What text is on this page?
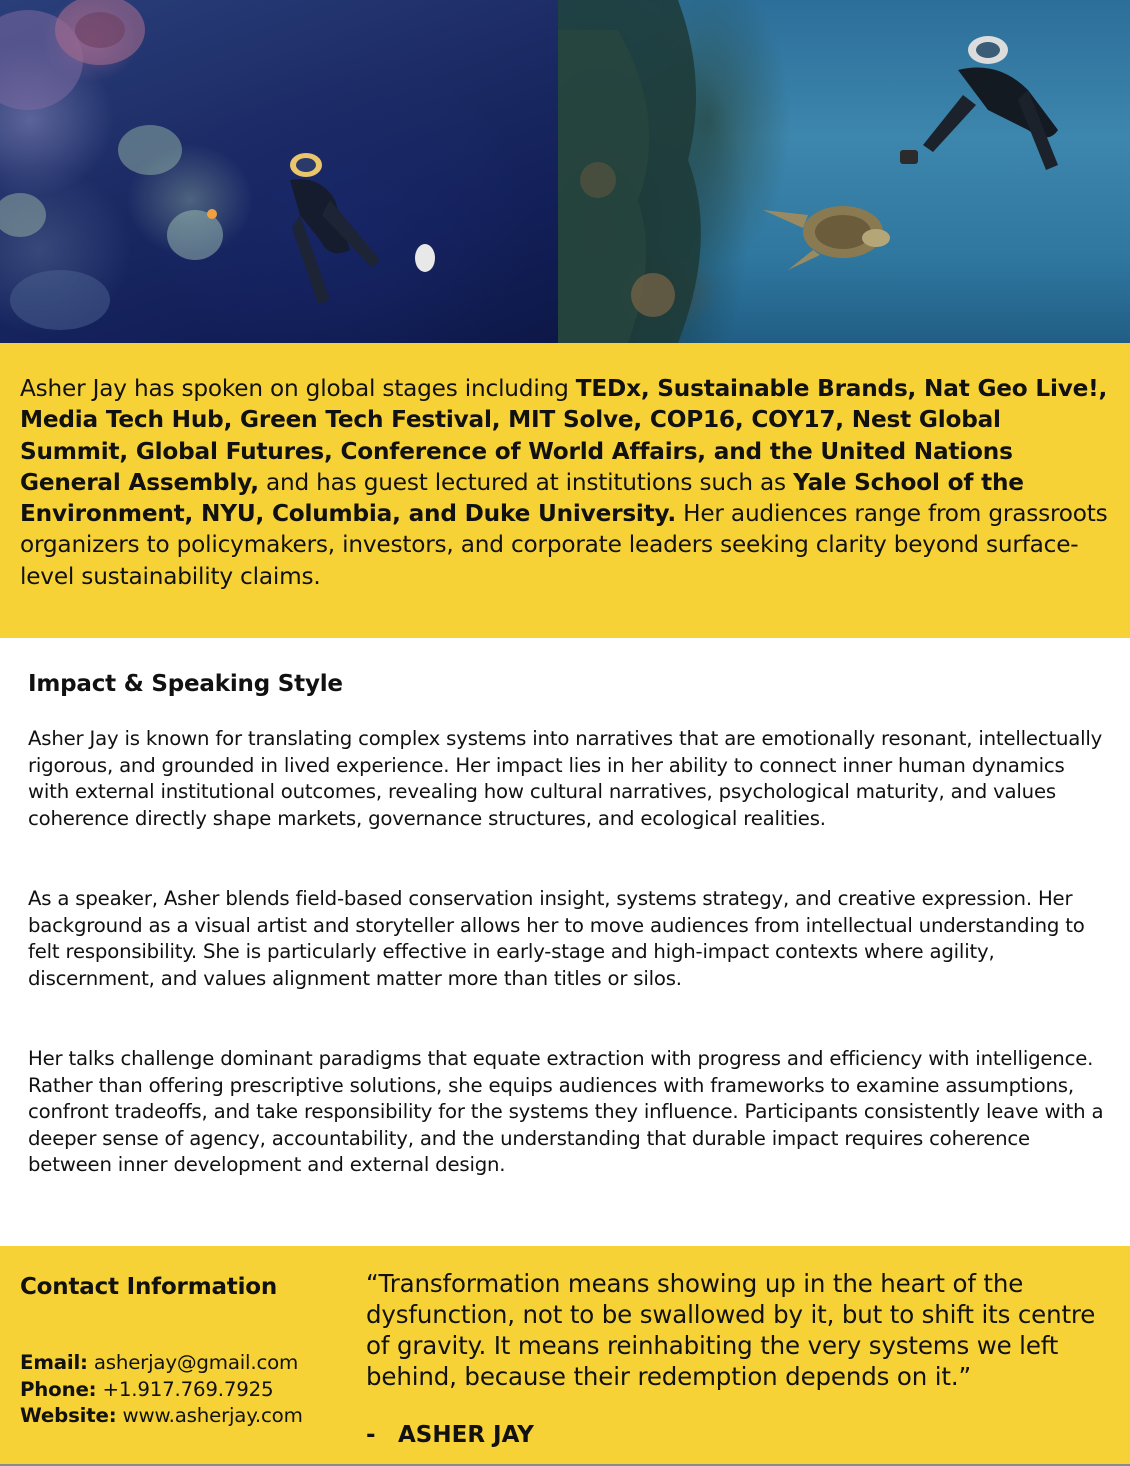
Asher Jay has spoken on global stages including TEDx, Sustainable Brands, Nat Geo Live!, Media Tech Hub, Green Tech Festival, MIT Solve, COP16, COY17, Nest Global Summit, Global Futures, Conference of World Affairs, and the United Nations General Assembly, and has guest lectured at institutions such as Yale School of the Environment, NYU, Columbia, and Duke University. Her audiences range from grassroots organizers to policymakers, investors, and corporate leaders seeking clarity beyond surface-level sustainability claims.

Impact & Speaking Style

Asher Jay is known for translating complex systems into narratives that are emotionally resonant, intellectually rigorous, and grounded in lived experience. Her impact lies in her ability to connect inner human dynamics with external institutional outcomes, revealing how cultural narratives, psychological maturity, and values coherence directly shape markets, governance structures, and ecological realities.

As a speaker, Asher blends field-based conservation insight, systems strategy, and creative expression. Her background as a visual artist and storyteller allows her to move audiences from intellectual understanding to felt responsibility. She is particularly effective in early-stage and high-impact contexts where agility, discernment, and values alignment matter more than titles or silos.

Her talks challenge dominant paradigms that equate extraction with progress and efficiency with intelligence. Rather than offering prescriptive solutions, she equips audiences with frameworks to examine assumptions, confront tradeoffs, and take responsibility for the systems they influence. Participants consistently leave with a deeper sense of agency, accountability, and the understanding that durable impact requires coherence between inner development and external design.

Contact Information
Email: asherjay@gmail.com
Phone: +1.917.769.7925
Website: www.asherjay.com

“Transformation means showing up in the heart of the dysfunction, not to be swallowed by it, but to shift its centre of gravity. It means reinhabiting the very systems we left behind, because their redemption depends on it.”

- ASHER JAY
